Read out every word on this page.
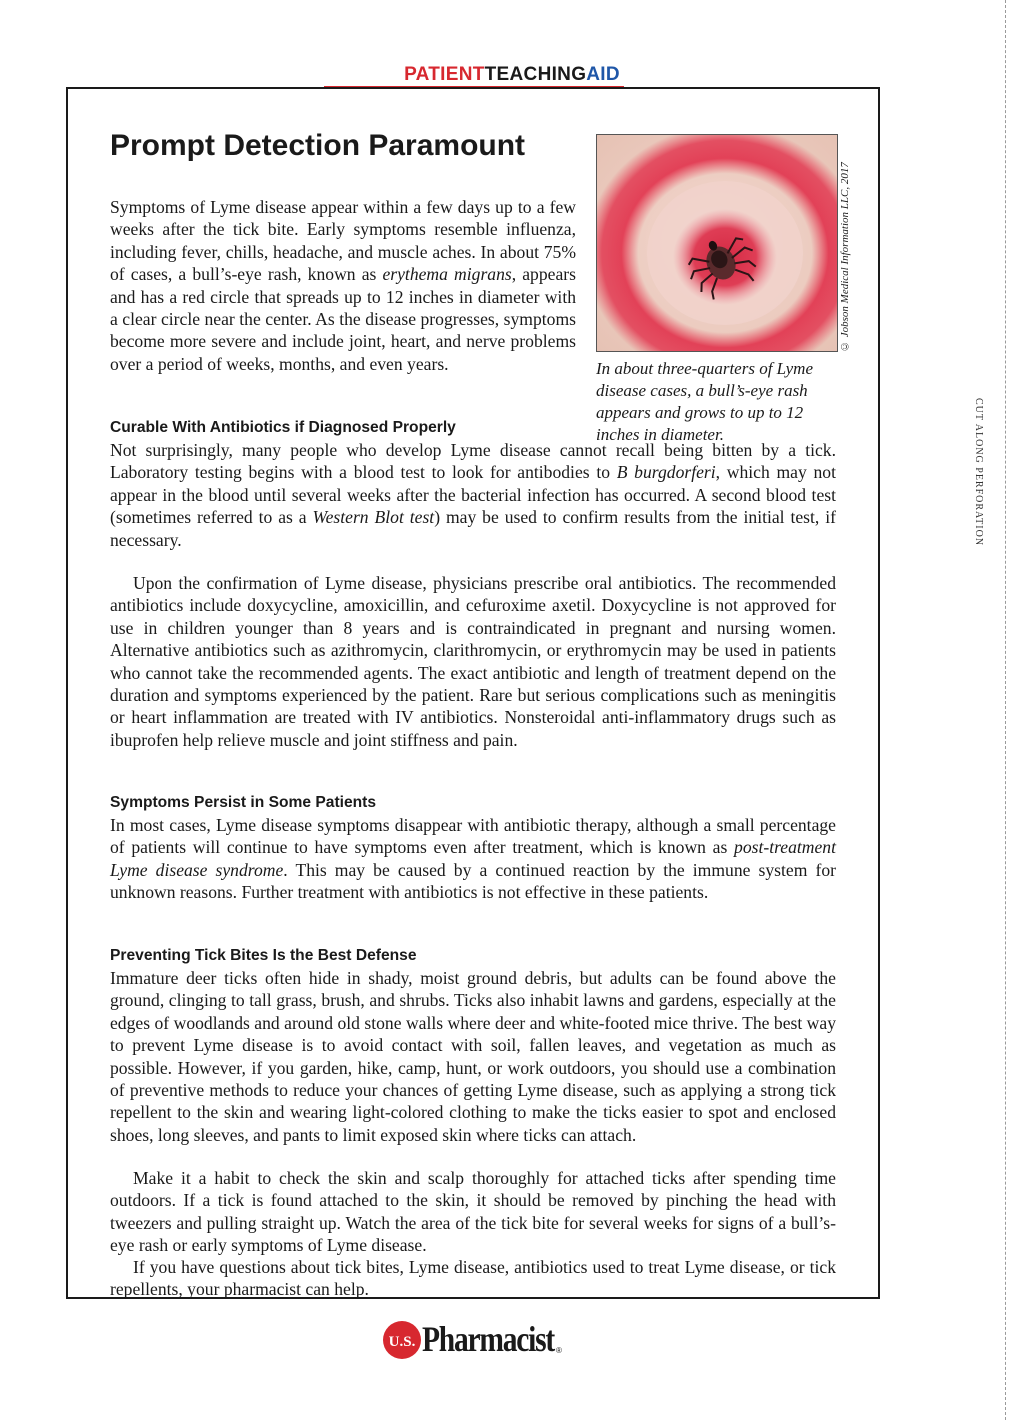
PATIENTTEACHINGAID
CUT ALONG PERFORATION
Prompt Detection Paramount
© Jobson Medical Information LLC, 2017

In about three-quarters of Lyme disease cases, a bull’s-eye rash appears and grows to up to 12 inches in diameter.

Symptoms of Lyme disease appear within a few days up to a few weeks after the tick bite. Early symptoms resemble influenza, including fever, chills, headache, and muscle aches. In about 75% of cases, a bull’s-eye rash, known as erythema migrans, appears and has a red circle that spreads up to 12 inches in diameter with a clear circle near the center. As the disease progresses, symptoms become more severe and include joint, heart, and nerve problems over a period of weeks, months, and even years.

Curable With Antibiotics if Diagnosed Properly

Not surprisingly, many people who develop Lyme disease cannot recall being bitten by a tick. Laboratory testing begins with a blood test to look for antibodies to B burgdorferi, which may not appear in the blood until several weeks after the bacterial infection has occurred. A second blood test (sometimes referred to as a Western Blot test) may be used to confirm results from the initial test, if necessary.

Upon the confirmation of Lyme disease, physicians prescribe oral antibiotics. The recommended antibiotics include doxycycline, amoxicillin, and cefuroxime axetil. Doxycycline is not approved for use in children younger than 8 years and is contraindicated in pregnant and nursing women. Alternative antibiotics such as azithromycin, clarithromycin, or erythromycin may be used in patients who cannot take the recommended agents. The exact antibiotic and length of treatment depend on the duration and symptoms experienced by the patient. Rare but serious complications such as meningitis or heart inflammation are treated with IV antibiotics. Nonsteroidal anti-inflammatory drugs such as ibuprofen help relieve muscle and joint stiffness and pain.

Symptoms Persist in Some Patients

In most cases, Lyme disease symptoms disappear with antibiotic therapy, although a small percentage of patients will continue to have symptoms even after treatment, which is known as post-treatment Lyme disease syndrome. This may be caused by a continued reaction by the immune system for unknown reasons. Further treatment with antibiotics is not effective in these patients.

Preventing Tick Bites Is the Best Defense

Immature deer ticks often hide in shady, moist ground debris, but adults can be found above the ground, clinging to tall grass, brush, and shrubs. Ticks also inhabit lawns and gardens, especially at the edges of woodlands and around old stone walls where deer and white-footed mice thrive. The best way to prevent Lyme disease is to avoid contact with soil, fallen leaves, and vegetation as much as possible. However, if you garden, hike, camp, hunt, or work outdoors, you should use a combination of preventive methods to reduce your chances of getting Lyme disease, such as applying a strong tick repellent to the skin and wearing light-colored clothing to make the ticks easier to spot and enclosed shoes, long sleeves, and pants to limit exposed skin where ticks can attach.

Make it a habit to check the skin and scalp thoroughly for attached ticks after spending time outdoors. If a tick is found attached to the skin, it should be removed by pinching the head with tweezers and pulling straight up. Watch the area of the tick bite for several weeks for signs of a bull’s-eye rash or early symptoms of Lyme disease.

If you have questions about tick bites, Lyme disease, antibiotics used to treat Lyme disease, or tick repellents, your pharmacist can help.

U.S. Pharmacist ®
